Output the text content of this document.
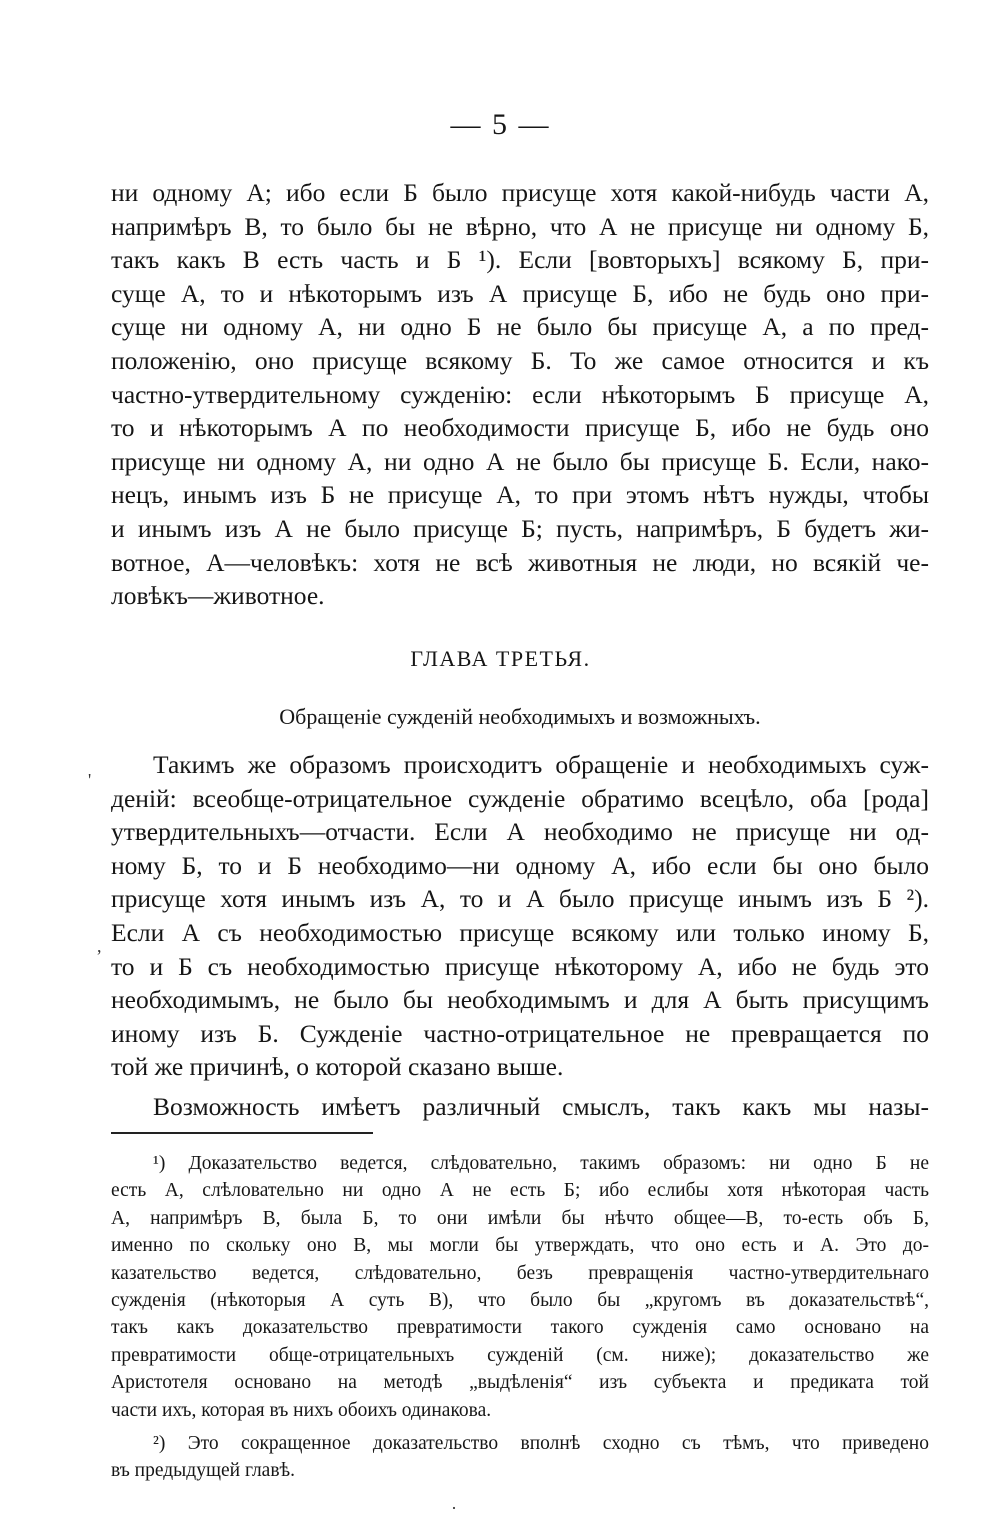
— 5 —
ни одному А; ибо если Б было присуще хотя какой-нибудь части А,
напримѣръ В, то было бы не вѣрно, что А не присуще ни одному Б,
такъ какъ В есть часть и Б ¹). Если [вовторыхъ] всякому Б, при-
суще А, то и нѣкоторымъ изъ А присуще Б, ибо не будь оно при-
суще ни одному А, ни одно Б не было бы присуще А, а по пред-
положенію, оно присуще всякому Б. То же самое относится и къ
частно-утвердительному сужденію: если нѣкоторымъ Б присуще А,
то и нѣкоторымъ А по необходимости присуще Б, ибо не будь оно
присуще ни одному А, ни одно А не было бы присуще Б. Если, нако-
нецъ, инымъ изъ Б не присуще А, то при этомъ нѣтъ нужды, чтобы
и инымъ изъ А не было присуще Б; пусть, напримѣръ, Б будетъ жи-
вотное, А—человѣкъ: хотя не всѣ животныя не люди, но всякій че-
ловѣкъ—животное.
ГЛАВА ТРЕТЬЯ.
Обращеніе сужденій необходимыхъ и возможныхъ.
Такимъ же образомъ происходитъ обращеніе и необходимыхъ суж-
деній: всеобще-отрицательное сужденіе обратимо всецѣло, оба [рода]
утвердительныхъ—отчасти. Если А необходимо не присуще ни од-
ному Б, то и Б необходимо—ни одному А, ибо если бы оно было
присуще хотя инымъ изъ А, то и А было присуще инымъ изъ Б ²).
Если А съ необходимостью присуще всякому или только иному Б,
то и Б съ необходимостью присуще нѣкоторому А, ибо не будь это
необходимымъ, не было бы необходимымъ и для А быть присущимъ
иному изъ Б. Сужденіе частно-отрицательное не превращается по
той же причинѣ, о которой сказано выше.
Возможность имѣетъ различный смыслъ, такъ какъ мы назы-
¹) Доказательство ведется, слѣдовательно, такимъ образомъ: ни одно Б не
есть А, слѣловательно ни одно А не есть Б; ибо еслибы хотя нѣкоторая часть
А, напримѣръ В, была Б, то они имѣли бы нѣчто общее—В, то-есть объ Б,
именно по скольку оно В, мы могли бы утверждать, что оно есть и А. Это до-
казательство ведется, слѣдовательно, безъ превращенія частно-утвердительнаго
сужденія (нѣкоторыя А суть В), что было бы „кругомъ въ доказательствѣ“,
такъ какъ доказательство превратимости такого сужденія само основано на
превратимости обще-отрицательныхъ сужденій (см. ниже); доказательство же
Аристотеля основано на методѣ „выдѣленія“ изъ субъекта и предиката той
части ихъ, которая въ нихъ обоихъ одинакова.
²) Это сокращенное доказательство вполнѣ сходно съ тѣмъ, что приведено
въ предыдущей главѣ.
'
,
·
